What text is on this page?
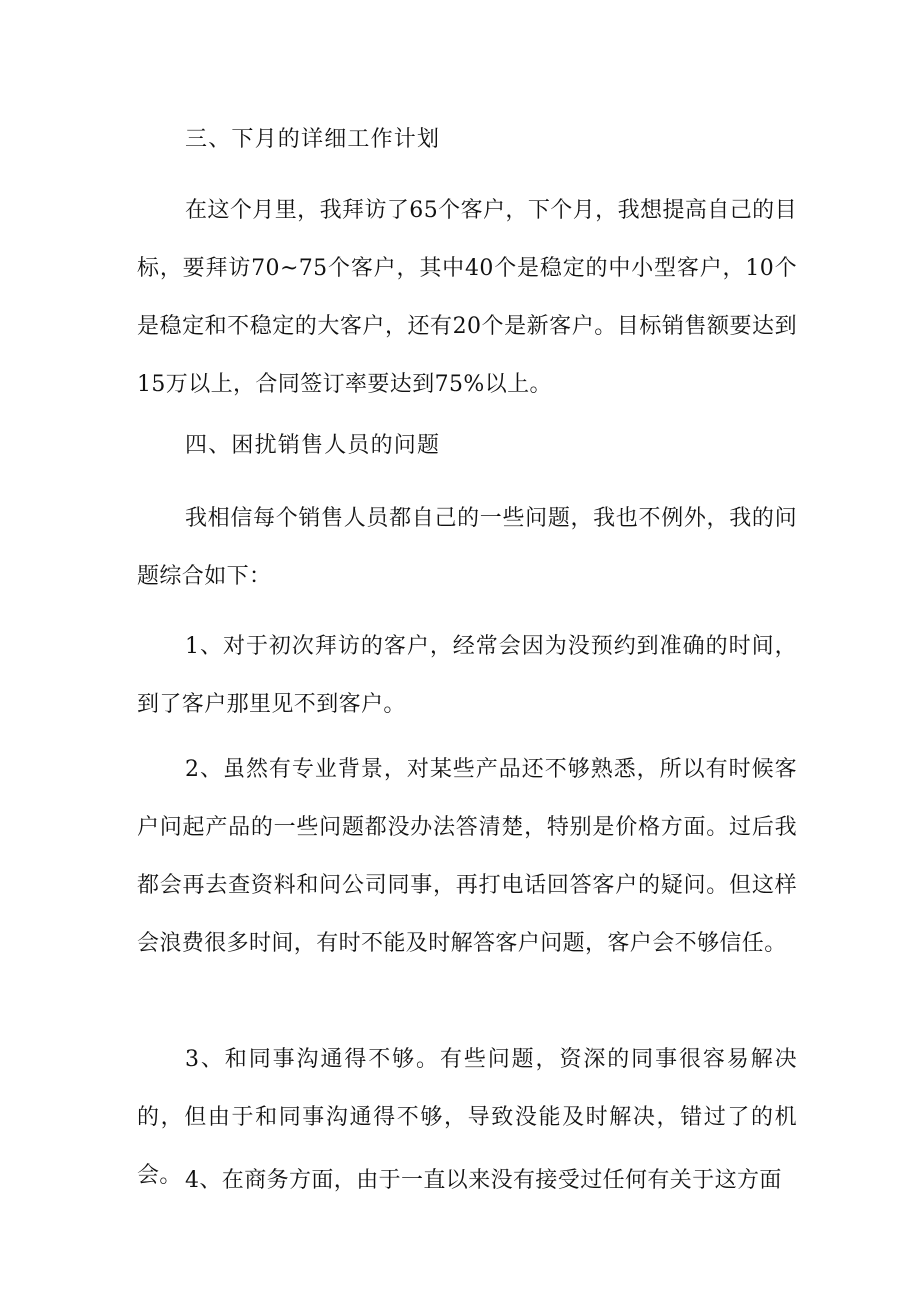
三、下月的详细工作计划

在这个月里，我拜访了65个客户，下个月，我想提高自己的目标，要拜访70~75个客户，其中40个是稳定的中小型客户，10个是稳定和不稳定的大客户，还有20个是新客户。目标销售额要达到15万以上，合同签订率要达到75%以上。

四、困扰销售人员的问题

我相信每个销售人员都自己的一些问题，我也不例外，我的问题综合如下：

1、对于初次拜访的客户，经常会因为没预约到准确的时间，到了客户那里见不到客户。

2、虽然有专业背景，对某些产品还不够熟悉，所以有时候客户问起产品的一些问题都没办法答清楚，特别是价格方面。过后我都会再去查资料和问公司同事，再打电话回答客户的疑问。但这样会浪费很多时间，有时不能及时解答客户问题，客户会不够信任。

3、和同事沟通得不够。有些问题，资深的同事很容易解决的，但由于和同事沟通得不够，导致没能及时解决，错过了的机会。 4、在商务方面，由于一直以来没有接受过任何有关于这方面
